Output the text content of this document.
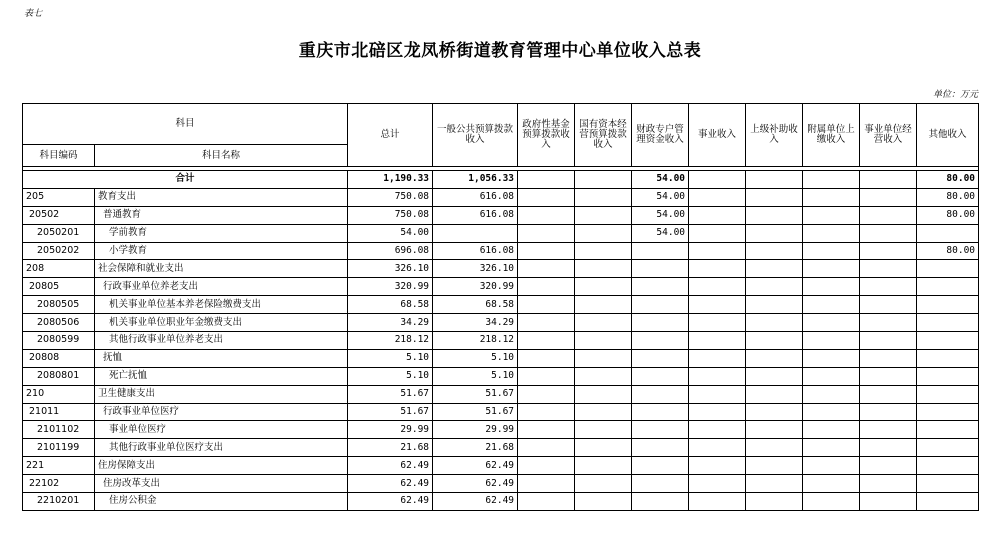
表七
重庆市北碚区龙凤桥街道教育管理中心单位收入总表
单位：万元
科目		总计	一般公共预算拨款收入	政府性基金预算拨款收入	国有资本经营预算拨款收入	财政专户管理资金收入	事业收入	上级补助收入	附属单位上缴收入	事业单位经营收入	其他收入
科目编码	科目名称										

合计		1,190.33	1,056.33			54.00					80.00
205	教育支出	750.08	616.08			54.00					80.00
20502	普通教育	750.08	616.08			54.00					80.00
2050201	学前教育	54.00				54.00					
2050202	小学教育	696.08	616.08								80.00
208	社会保障和就业支出	326.10	326.10								
20805	行政事业单位养老支出	320.99	320.99								
2080505	机关事业单位基本养老保险缴费支出	68.58	68.58								
2080506	机关事业单位职业年金缴费支出	34.29	34.29								
2080599	其他行政事业单位养老支出	218.12	218.12								
20808	抚恤	5.10	5.10								
2080801	死亡抚恤	5.10	5.10								
210	卫生健康支出	51.67	51.67								
21011	行政事业单位医疗	51.67	51.67								
2101102	事业单位医疗	29.99	29.99								
2101199	其他行政事业单位医疗支出	21.68	21.68								
221	住房保障支出	62.49	62.49								
22102	住房改革支出	62.49	62.49								
2210201	住房公积金	62.49	62.49								
